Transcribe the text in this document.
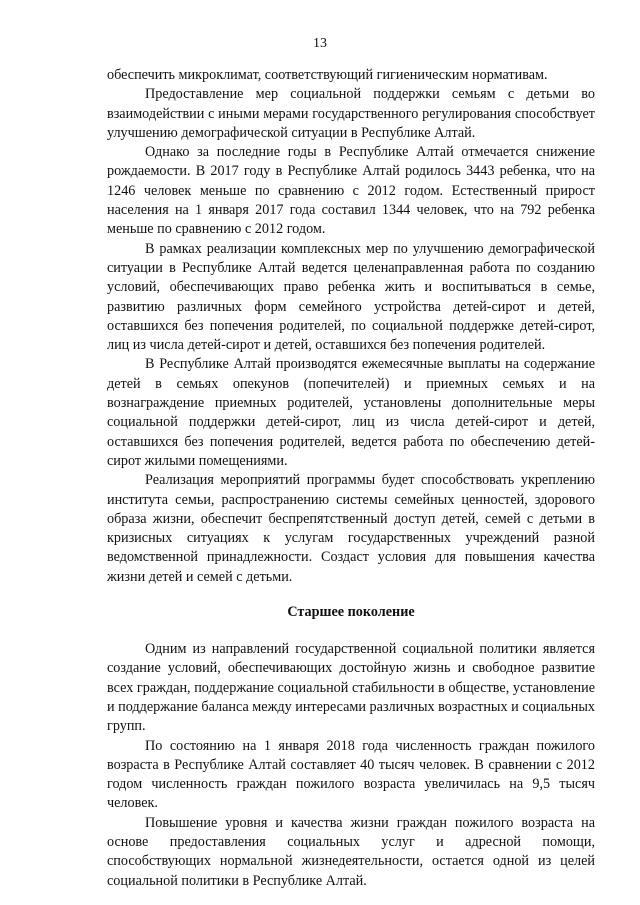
13

обеспечить микроклимат, соответствующий гигиеническим нормативам.

Предоставление мер социальной поддержки семьям с детьми во взаимодействии с иными мерами государственного регулирования способствует улучшению демографической ситуации в Республике Алтай.

Однако за последние годы в Республике Алтай отмечается снижение рождаемости. В 2017 году в Республике Алтай родилось 3443 ребенка, что на 1246 человек меньше по сравнению с 2012 годом. Естественный прирост населения на 1 января 2017 года составил 1344 человек, что на 792 ребенка меньше по сравнению с 2012 годом.

В рамках реализации комплексных мер по улучшению демографической ситуации в Республике Алтай ведется целенаправленная работа по созданию условий, обеспечивающих право ребенка жить и воспитываться в семье, развитию различных форм семейного устройства детей-сирот и детей, оставшихся без попечения родителей, по социальной поддержке детей-сирот, лиц из числа детей-сирот и детей, оставшихся без попечения родителей.

В Республике Алтай производятся ежемесячные выплаты на содержание детей в семьях опекунов (попечителей) и приемных семьях и на вознаграждение приемных родителей, установлены дополнительные меры социальной поддержки детей-сирот, лиц из числа детей-сирот и детей, оставшихся без попечения родителей, ведется работа по обеспечению детей-сирот жилыми помещениями.

Реализация мероприятий программы будет способствовать укреплению института семьи, распространению системы семейных ценностей, здорового образа жизни, обеспечит беспрепятственный доступ детей, семей с детьми в кризисных ситуациях к услугам государственных учреждений разной ведомственной принадлежности. Создаст условия для повышения качества жизни детей и семей с детьми.

Старшее поколение

Одним из направлений государственной социальной политики является создание условий, обеспечивающих достойную жизнь и свободное развитие всех граждан, поддержание социальной стабильности в обществе, установление и поддержание баланса между интересами различных возрастных и социальных групп.

По состоянию на 1 января 2018 года численность граждан пожилого возраста в Республике Алтай составляет 40 тысяч человек. В сравнении с 2012 годом численность граждан пожилого возраста увеличилась на 9,5 тысяч человек.

Повышение уровня и качества жизни граждан пожилого возраста на основе предоставления социальных услуг и адресной помощи, способствующих нормальной жизнедеятельности, остается одной из целей социальной политики в Республике Алтай.
